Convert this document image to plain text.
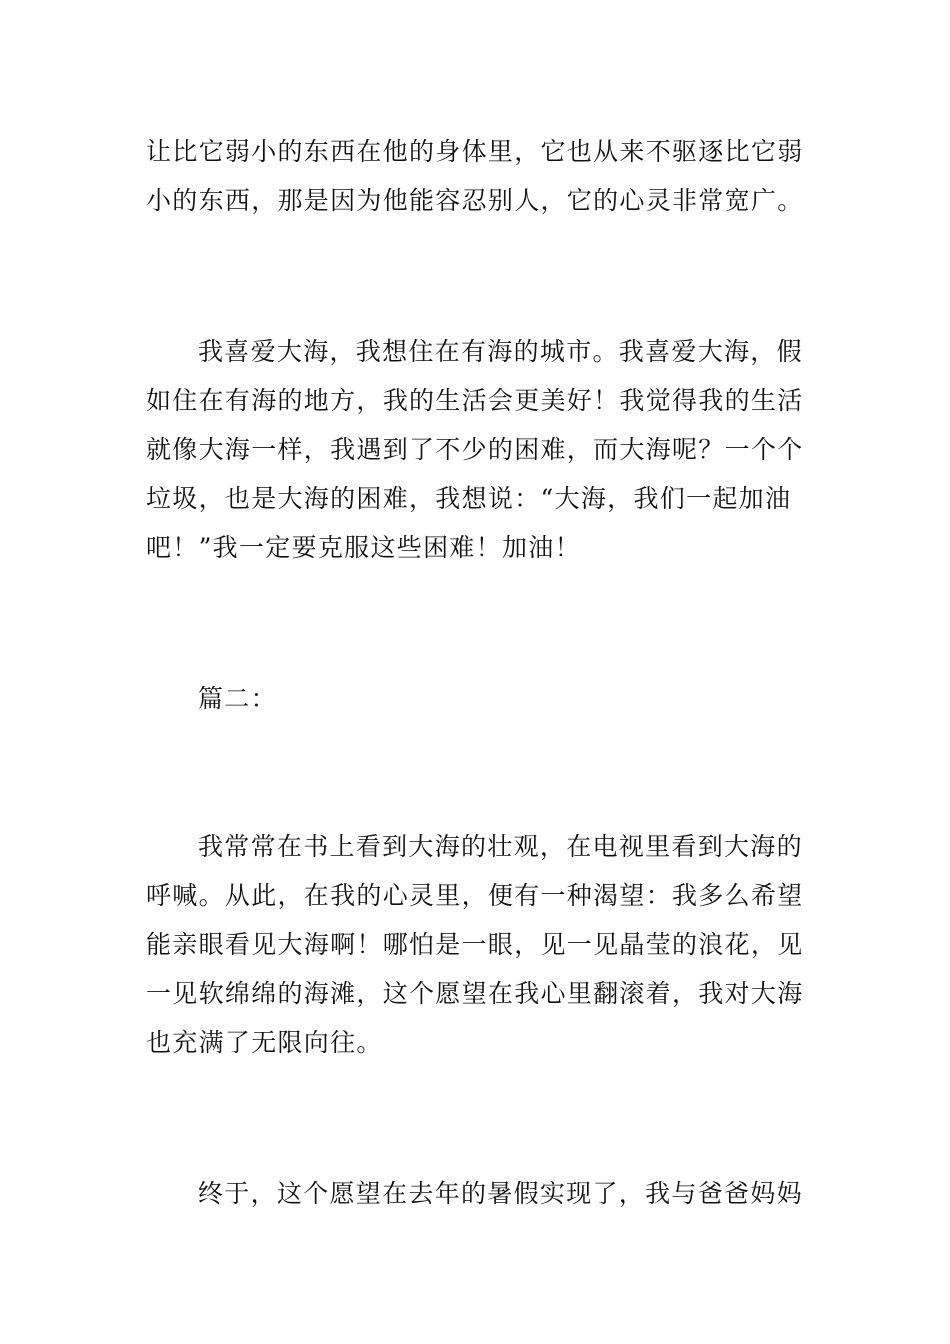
让比它弱小的东西在他的身体里，它也从来不驱逐比它弱小的东西，那是因为他能容忍别人，它的心灵非常宽广。

我喜爱大海，我想住在有海的城市。我喜爱大海，假如住在有海的地方，我的生活会更美好！我觉得我的生活就像大海一样，我遇到了不少的困难，而大海呢？一个个垃圾，也是大海的困难，我想说：“大海，我们一起加油吧！”我一定要克服这些困难！加油！

篇二：

我常常在书上看到大海的壮观，在电视里看到大海的呼喊。从此，在我的心灵里，便有一种渴望：我多么希望能亲眼看见大海啊！哪怕是一眼，见一见晶莹的浪花，见一见软绵绵的海滩，这个愿望在我心里翻滚着，我对大海也充满了无限向往。

终于，这个愿望在去年的暑假实现了，我与爸爸妈妈
